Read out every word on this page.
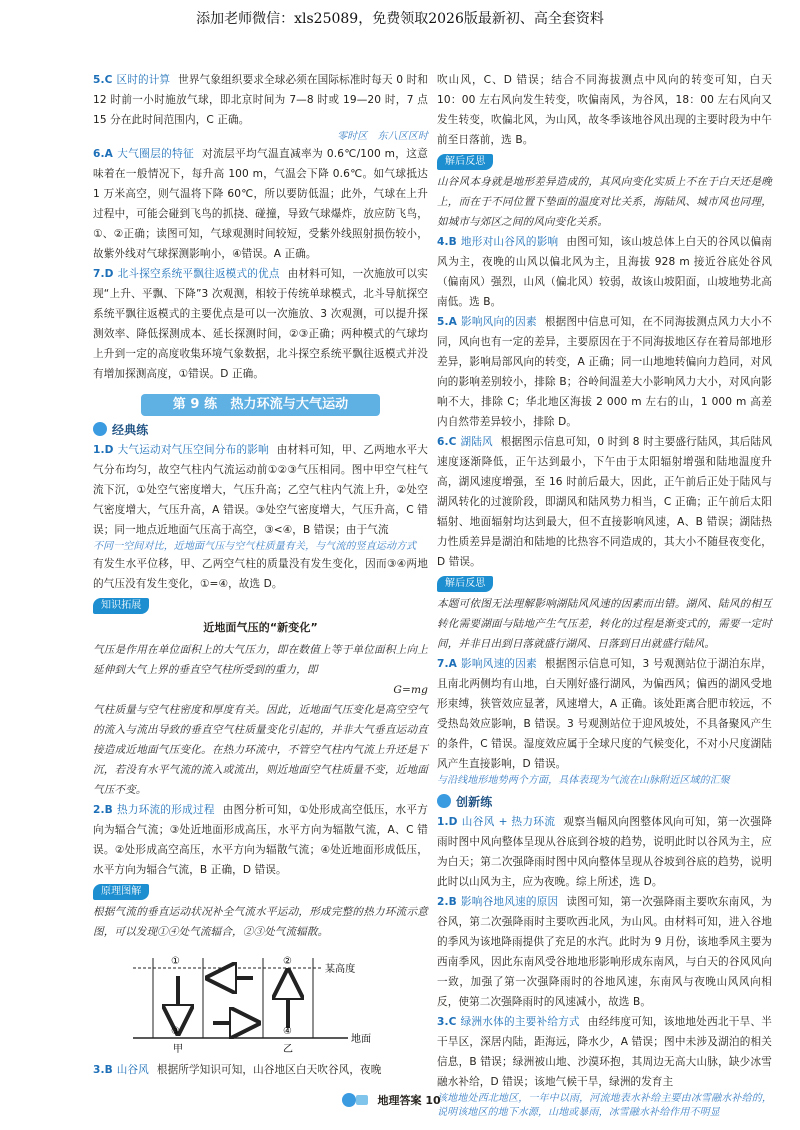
添加老师微信：xls25089，免费领取2026版最新初、高全套资料

5.C 区时的计算 世界气象组织要求全球必须在国际标准时每天 0 时和 12 时前一小时施放气球，即北京时间为 7—8 时或 19—20 时，7 点 15 分在此时间范围内，C 正确。

零时区　 东八区区时

6.A 大气圈层的特征 对流层平均气温直减率为 0.6℃/100 m，这意味着在一般情况下，每升高 100 m，气温会下降 0.6℃。如气球抵达 1 万米高空，则气温将下降 60℃，所以要防低温；此外，气球在上升过程中，可能会碰到飞鸟的抓挠、碰撞，导致气球爆炸，放应防飞鸟，①、②正确；读图可知，气球观测时间较短，受紫外线照射损伤较小，故紫外线对气球探测影响小，④错误。A 正确。

7.D 北斗探空系统平飘往返模式的优点 由材料可知，一次施放可以实现“上升、平飘、下降”3 次观测，相较于传统单球模式，北斗导航探空系统平飘往返模式的主要优点是可以一次施放、3 次观测，可以提升探测效率、降低探测成本、延长探测时间，②③正确；两种模式的气球均上升到一定的高度收集环境气象数据，北斗探空系统平飘往返模式并没有增加探测高度，①错误。D 正确。

第 9 练　热力环流与大气运动
经典练

1.D 大气运动对气压空间分布的影响 由材料可知，甲、乙两地水平大气分布均匀，故空气柱内气流运动前①②③气压相同。图中甲空气柱气流下沉，①处空气密度增大，气压升高；乙空气柱内气流上升，②处空气密度增大，气压升高，A 错误。③处空气密度增大，气压升高，C 错误；同一地点近地面气压高于高空，③<④，B 错误；由于气流

不同一空间对比，近地面气压与空气柱质量有关，与气流的竖直运动方式

有发生水平位移，甲、乙两空气柱的质量没有发生变化，因而③④两地的气压没有发生变化，①=④，故选 D。

知识拓展
近地面气压的“新变化”

气压是作用在单位面积上的大气压力，即在数值上等于单位面积上向上延伸到大气上界的垂直空气柱所受到的重力，即

G=mg

气柱质量与空气柱密度和厚度有关。因此，近地面气压变化是高空空气的流入与流出导致的垂直空气柱质量变化引起的，并非大气垂直运动直接造成近地面气压变化。在热力环流中，不管空气柱内气流上升还是下沉，若没有水平气流的流入或流出，则近地面空气柱质量不变，近地面气压不变。

2.B 热力环流的形成过程 由图分析可知，①处形成高空低压，水平方向为辐合气流；③处近地面形成高压，水平方向为辐散气流，A、C 错误。②处形成高空高压，水平方向为辐散气流；④处近地面形成低压，水平方向为辐合气流，B 正确，D 错误。

原理图解

根据气流的垂直运动状况补全气流水平运动，形成完整的热力环流示意图，可以发现①④处气流辐合，②③处气流辐散。

①	②
③	④
某高度
地面
甲	乙

3.B 山谷风 根据所学知识可知，山谷地区白天吹谷风，夜晚

吹山风，C、D 错误；结合不同海拔测点中风向的转变可知，白天 10：00 左右风向发生转变，吹偏南风，为谷风，18：00 左右风向又发生转变，吹偏北风，为山风，故冬季该地谷风出现的主要时段为中午前至日落前，选 B。

解后反思

山谷风本身就是地形差异造成的，其风向变化实质上不在于白天还是晚上，而在于不同位置下垫面的温度对比关系，海陆风、城市风也同理，如城市与郊区之间的风向变化关系。

4.B 地形对山谷风的影响 由图可知，该山坡总体上白天的谷风以偏南风为主，夜晚的山风以偏北风为主，且海拔 928 m 接近谷底处谷风（偏南风）强烈，山风（偏北风）较弱，故该山坡阳面，山坡地势北高南低。选 B。

5.A 影响风向的因素 根据图中信息可知，在不同海拔测点风力大小不同，风向也有一定的差异，主要原因在于不同海拔地区存在着局部地形差异，影响局部风向的转变，A 正确；同一山地地转偏向力趋同，对风向的影响差别较小，排除 B；谷岭间温差大小影响风力大小，对风向影响不大，排除 C；华北地区海拔 2 000 m 左右的山，1 000 m 高差内自然带差异较小，排除 D。

6.C 湖陆风 根据图示信息可知，0 时到 8 时主要盛行陆风，其后陆风速度逐渐降低，正午达到最小，下午由于太阳辐射增强和陆地温度升高，湖风速度增强，至 16 时前后最大，因此，正午前后正处于陆风与湖风转化的过渡阶段，即湖风和陆风势力相当，C 正确；正午前后太阳辐射、地面辐射均达到最大，但不直接影响风速，A、B 错误；湖陆热力性质差异是湖泊和陆地的比热容不同造成的，其大小不随昼夜变化，D 错误。

解后反思

本题可依图无法理解影响湖陆风风速的因素而出错。湖风、陆风的相互转化需要湖面与陆地产生气压差，转化的过程是渐变式的，需要一定时间，并非日出到日落就盛行湖风、日落到日出就盛行陆风。

7.A 影响风速的因素 根据图示信息可知，3 号观测站位于湖泊东岸，且南北两侧均有山地，白天刚好盛行湖风，为偏西风；偏西的湖风受地形束缚，狭管效应显著，风速增大，A 正确。该处距离合肥市较远，不受热岛效应影响，B 错误。3 号观测站位于迎风坡处，不具备聚风产生的条件，C 错误。湿度效应属于全球尺度的气候变化，不对小尺度湖陆风产生直接影响，D 错误。

与沿线地形地势两个方面，具体表现为气流在山脉附近区域的汇聚
创新练

1.D 山谷风 + 热力环流 观察当幅风向图整体风向可知，第一次强降雨时图中风向整体呈现从谷底到谷坡的趋势，说明此时以谷风为主，应为白天；第二次强降雨时图中风向整体呈现从谷坡到谷底的趋势，说明此时以山风为主，应为夜晚。综上所述，选 D。

2.B 影响谷地风速的原因 读图可知，第一次强降雨主要吹东南风，为谷风，第二次强降雨时主要吹西北风，为山风。由材料可知，进入谷地的季风为该地降雨提供了充足的水汽。此时为 9 月份，该地季风主要为西南季风，因此东南风受谷地地形影响形成东南风，与白天的谷风风向一致，加强了第一次强降雨时的谷地风速，东南风与夜晚山风风向相反，使第二次强降雨时的风速减小，故选 B。

3.C 绿洲水体的主要补给方式 由经纬度可知，该地地处西北干旱、半干旱区，深居内陆，距海远，降水少，A 错误；图中未涉及湖泊的相关信息，B 错误；绿洲被山地、沙漠环抱，其周边无高大山脉，缺少冰雪融水补给，D 错误；该地气候干旱，绿洲的发育主

该地地处西北地区，一年中以雨，河流地表水补给主要由冰雪融水补给的，说明该地区的地下水源，山地或暴雨，冰雪融水补给作用不明显
地理答案 10
